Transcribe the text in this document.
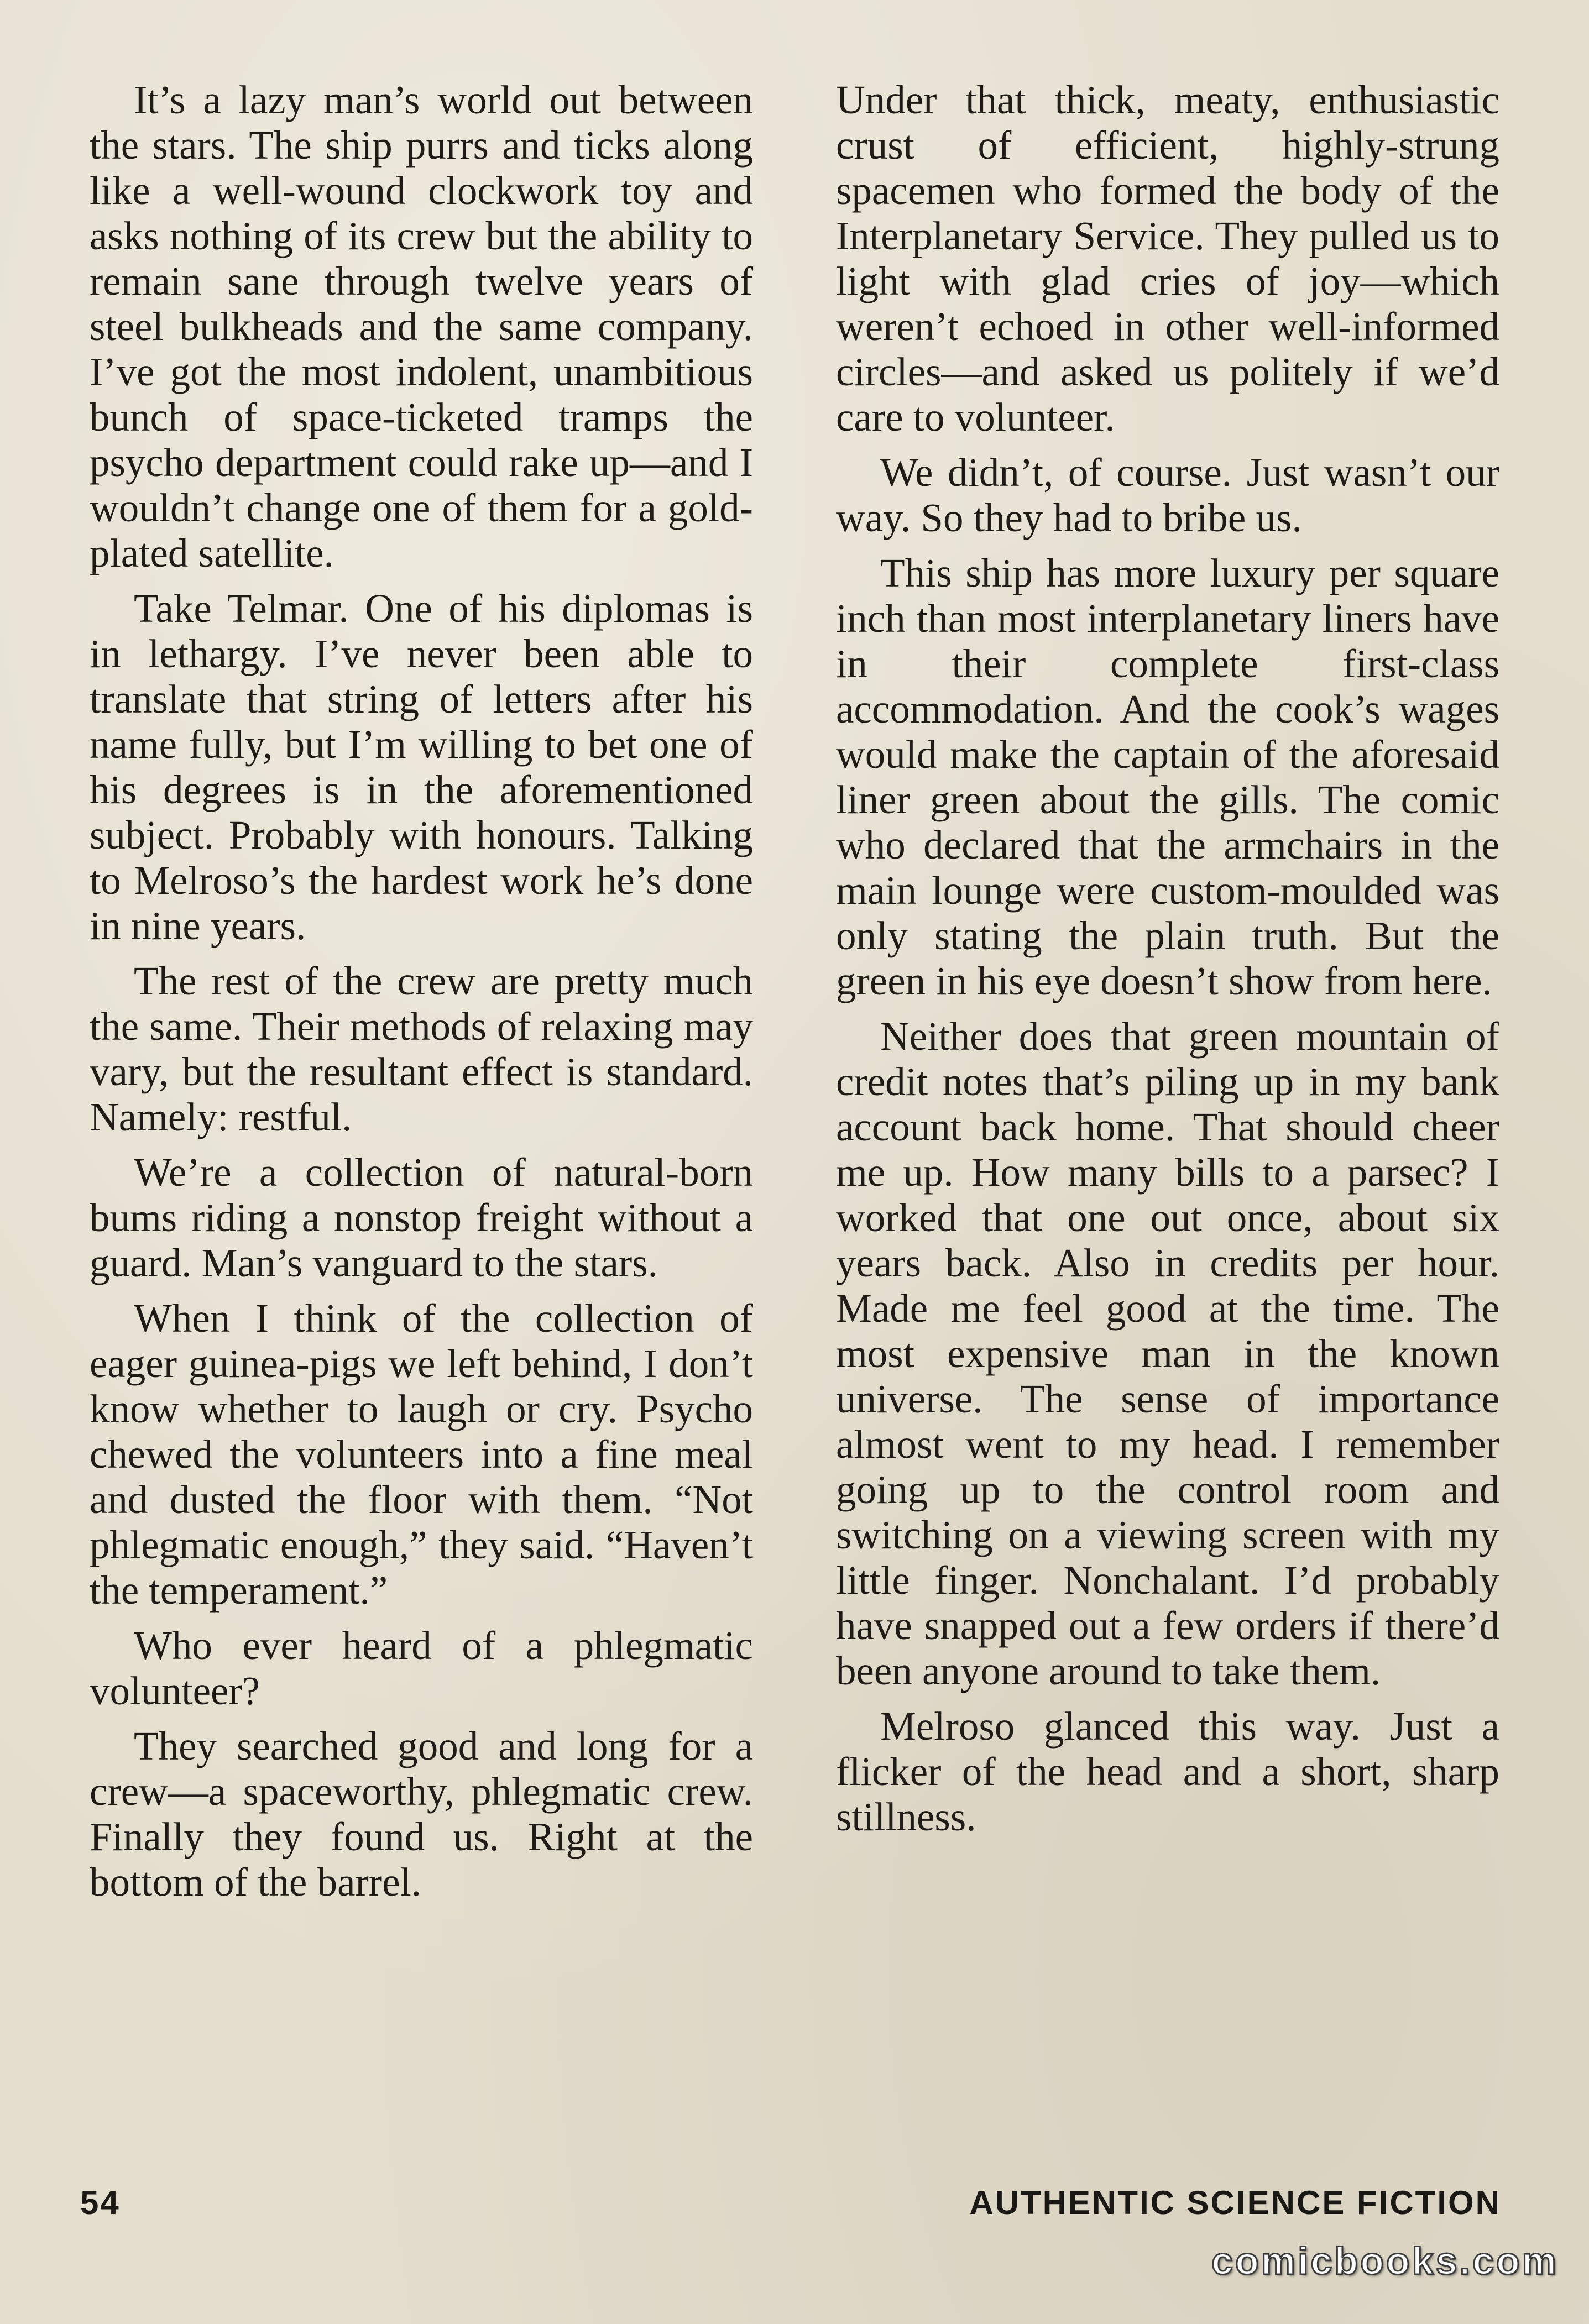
It’s a lazy man’s world out between the stars. The ship purrs and ticks along like a well-wound clockwork toy and asks nothing of its crew but the ability to remain sane through twelve years of steel bulkheads and the same company. I’ve got the most indolent, unambitious bunch of space-ticketed tramps the psycho department could rake up—and I wouldn’t change one of them for a gold-plated satellite.

Take Telmar. One of his diplomas is in lethargy. I’ve never been able to translate that string of letters after his name fully, but I’m willing to bet one of his degrees is in the aforementioned subject. Probably with honours. Talking to Melroso’s the hardest work he’s done in nine years.

The rest of the crew are pretty much the same. Their methods of relaxing may vary, but the resultant effect is standard. Namely: restful.

We’re a collection of natural-born bums riding a nonstop freight without a guard. Man’s vanguard to the stars.

When I think of the collection of eager guinea-pigs we left behind, I don’t know whether to laugh or cry. Psycho chewed the volunteers into a fine meal and dusted the floor with them. “Not phlegmatic enough,” they said. “Haven’t the temperament.”

Who ever heard of a phlegmatic volunteer?

They searched good and long for a crew—a spaceworthy, phlegmatic crew. Finally they found us. Right at the bottom of the barrel.

Under that thick, meaty, enthusiastic crust of efficient, highly-strung spacemen who formed the body of the Interplanetary Service. They pulled us to light with glad cries of joy—which weren’t echoed in other well-informed circles—and asked us politely if we’d care to volunteer.

We didn’t, of course. Just wasn’t our way. So they had to bribe us.

This ship has more luxury per square inch than most interplanetary liners have in their complete first-class accommodation. And the cook’s wages would make the captain of the aforesaid liner green about the gills. The comic who declared that the armchairs in the main lounge were custom-moulded was only stating the plain truth. But the green in his eye doesn’t show from here.

Neither does that green mountain of credit notes that’s piling up in my bank account back home. That should cheer me up. How many bills to a parsec? I worked that one out once, about six years back. Also in credits per hour. Made me feel good at the time. The most expensive man in the known universe. The sense of importance almost went to my head. I remember going up to the control room and switching on a viewing screen with my little finger. Nonchalant. I’d probably have snapped out a few orders if there’d been anyone around to take them.

Melroso glanced this way. Just a flicker of the head and a short, sharp stillness.

54	AUTHENTIC SCIENCE FICTION
comicbooks.com
